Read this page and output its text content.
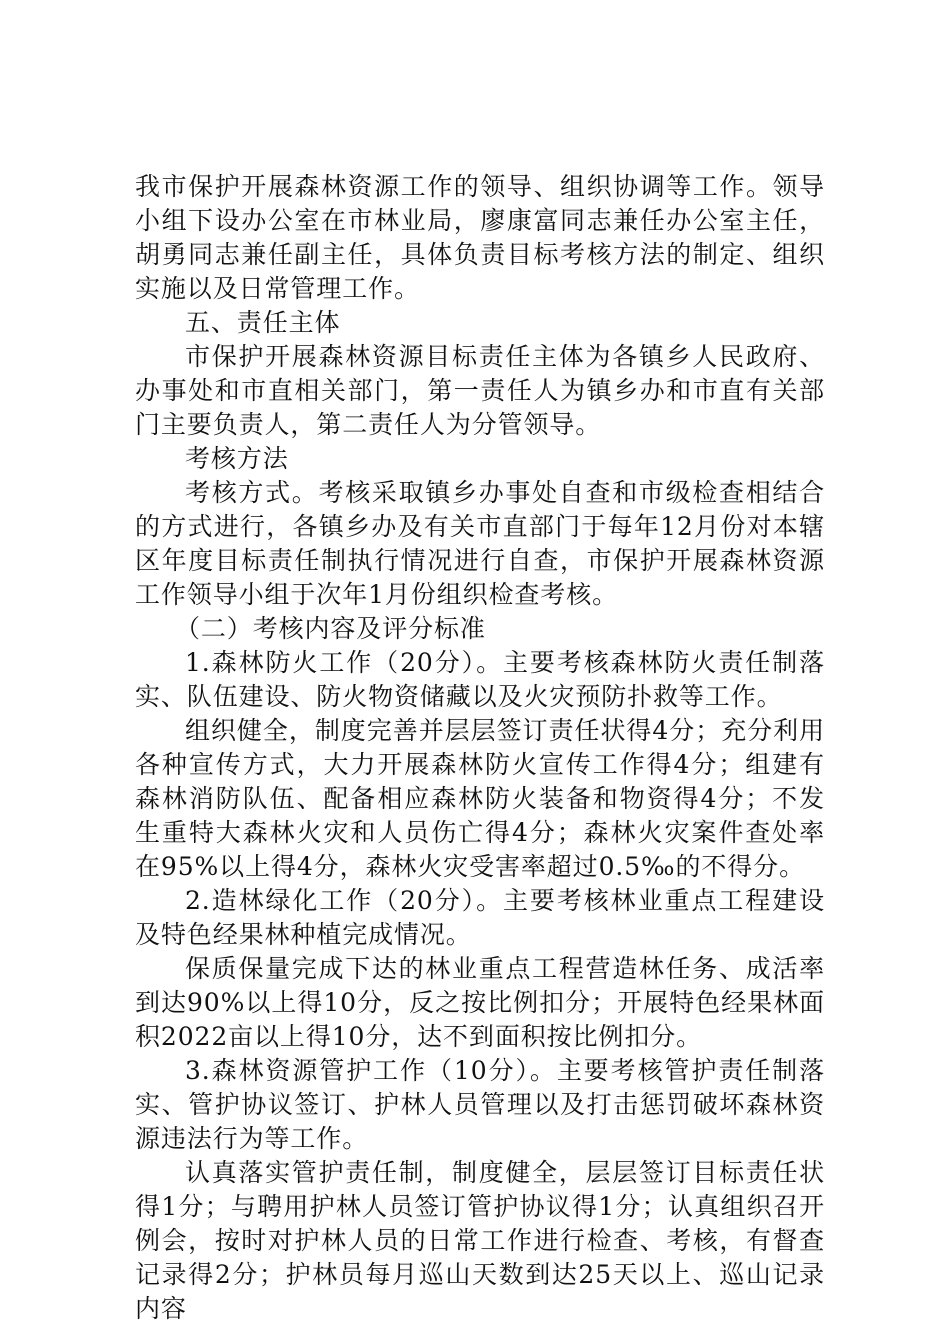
我市保护开展森林资源工作的领导、组织协调等工作。领导小组下设办公室在市林业局，廖康富同志兼任办公室主任，胡勇同志兼任副主任，具体负责目标考核方法的制定、组织实施以及日常管理工作。

五、责任主体

市保护开展森林资源目标责任主体为各镇乡人民政府、办事处和市直相关部门，第一责任人为镇乡办和市直有关部门主要负责人，第二责任人为分管领导。

考核方法

考核方式。考核采取镇乡办事处自查和市级检查相结合的方式进行，各镇乡办及有关市直部门于每年12月份对本辖区年度目标责任制执行情况进行自查，市保护开展森林资源工作领导小组于次年1月份组织检查考核。

（二）考核内容及评分标准

1.森林防火工作（20分）。主要考核森林防火责任制落实、队伍建设、防火物资储藏以及火灾预防扑救等工作。

组织健全，制度完善并层层签订责任状得4分；充分利用各种宣传方式，大力开展森林防火宣传工作得4分；组建有森林消防队伍、配备相应森林防火装备和物资得4分；不发生重特大森林火灾和人员伤亡得4分；森林火灾案件查处率在95%以上得4分，森林火灾受害率超过0.5‰的不得分。

2.造林绿化工作（20分）。主要考核林业重点工程建设及特色经果林种植完成情况。

保质保量完成下达的林业重点工程营造林任务、成活率到达90%以上得10分，反之按比例扣分；开展特色经果林面积2022亩以上得10分，达不到面积按比例扣分。

3.森林资源管护工作（10分）。主要考核管护责任制落实、管护协议签订、护林人员管理以及打击惩罚破坏森林资源违法行为等工作。

认真落实管护责任制，制度健全，层层签订目标责任状得1分；与聘用护林人员签订管护协议得1分；认真组织召开例会，按时对护林人员的日常工作进行检查、考核，有督查记录得2分；护林员每月巡山天数到达25天以上、巡山记录内容
